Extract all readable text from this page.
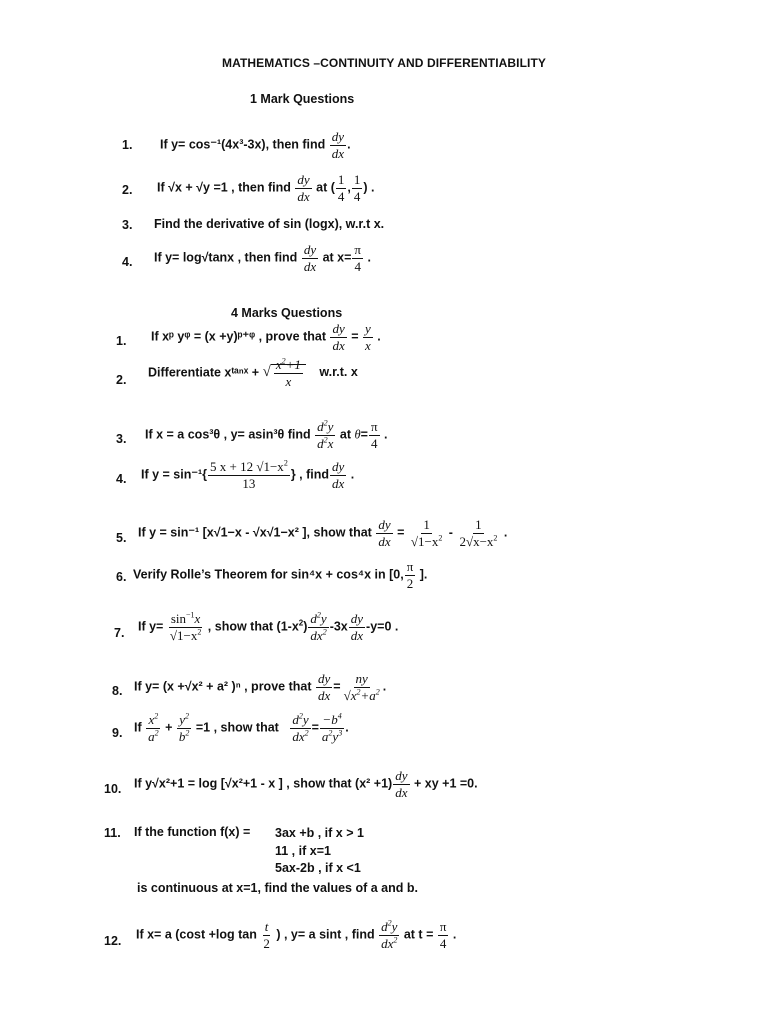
MATHEMATICS –CONTINUITY AND DIFFERENTIABILITY
1 Mark Questions
1. If y= cos⁻¹(4x³-3x), then find $\frac{dy}{dx}$ .
2. If √x + √y =1 , then find $\frac{dy}{dx}$ at ( $\frac{1}{4}$ , $\frac{1}{4}$ ) .
3. Find the derivative of sin (logx), w.r.t x.
4. If y= log√tanx , then find $\frac{dy}{dx}$ at $x= \frac{\pi}{4}$ .
4 Marks Questions
1. If xᵖ yᵠ = (x +y)ᵖ⁺ᵠ , prove that $\frac{dy}{dx} = \frac{y}{x}$ .
2.
Differentiate xᵗᵃⁿˣ + √ $\frac{x^2+1}{x} w.r.t$. x
3. If x = a cos³θ , y= asin³θ find $\frac{d^2y}{d^2x}$ at $\theta= \frac{\pi}{4}$ .
4. If $y = \sin^{-1}\{ \frac{5 x + 12 √1-x^2}{13}$ } , find $\frac{dy}{dx}$ .
5. If y = sin⁻¹ [x√1−x - √x√1−x² ], show that $\frac{dy}{dx} = \frac{1}{√1-x^2} - \frac{1}{2√x-x^2}$ .
6. Verify Rolle’s Theorem for sin⁴x + cos⁴x in [0, $\frac{\pi}{2}$ ].
7. If $y= \frac{\sin^{-1}x}{√1-x^2}$ , show that $(1-x^2) \frac{d^2y}{dx^2} -3x \frac{dy}{dx} -y=0$ .
8. If y= (x +√x² + a² )ⁿ , prove that $\frac{dy}{dx} = \frac{ny}{√x^2+a^2}$ .
9. If $\frac{x^2}{a^2} + \frac{y^2}{b^2} =1$ , show that $\frac{d^2y}{dx^2} = \frac{-b^4}{a^2y^3}$ .
10. If y√x²+1 = log [√x²+1 - x ] , show that $(x^2 +1) \frac{dy}{dx}$ + xy +1 =0.
11. If the function f(x) = 3ax +b , if x > 1
11 , if x=1
5ax-2b , if x <1
is continuous at x=1, find the values of a and b.
12. If x= a (cost +log $\tan \frac{t}{2}$ ) , y= a sint , find $\frac{d^2y}{dx^2}$ at $t = \frac{\pi}{4}$ .
